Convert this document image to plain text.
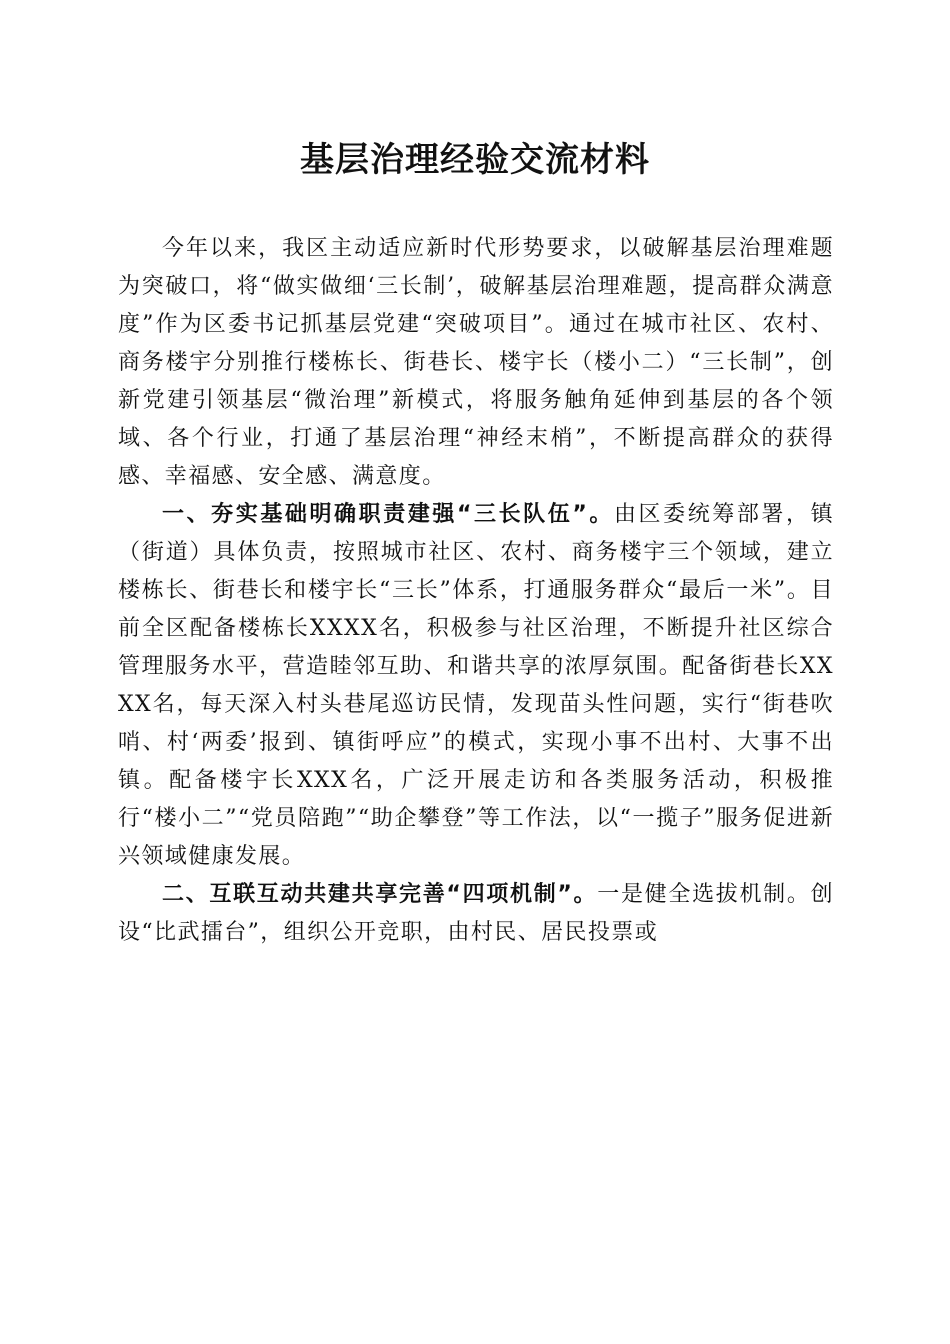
基层治理经验交流材料

今年以来，我区主动适应新时代形势要求，以破解基层治理难题为突破口，将“做实做细‘三长制’，破解基层治理难题，提高群众满意度”作为区委书记抓基层党建“突破项目”。通过在城市社区、农村、商务楼宇分别推行楼栋长、街巷长、楼宇长（楼小二）“三长制”，创新党建引领基层“微治理”新模式，将服务触角延伸到基层的各个领域、各个行业，打通了基层治理“神经末梢”，不断提高群众的获得感、幸福感、安全感、满意度。

一、夯实基础明确职责建强“三长队伍”。由区委统筹部署，镇（街道）具体负责，按照城市社区、农村、商务楼宇三个领域，建立楼栋长、街巷长和楼宇长“三长”体系，打通服务群众“最后一米”。目前全区配备楼栋长XXXX名，积极参与社区治理，不断提升社区综合管理服务水平，营造睦邻互助、和谐共享的浓厚氛围。配备街巷长XXXX名，每天深入村头巷尾巡访民情，发现苗头性问题，实行“街巷吹哨、村‘两委’报到、镇街呼应”的模式，实现小事不出村、大事不出镇。配备楼宇长XXX名，广泛开展走访和各类服务活动，积极推行“楼小二”“党员陪跑”“助企攀登”等工作法，以“一揽子”服务促进新兴领域健康发展。

二、互联互动共建共享完善“四项机制”。一是健全选拔机制。创设“比武擂台”，组织公开竞职，由村民、居民投票或
